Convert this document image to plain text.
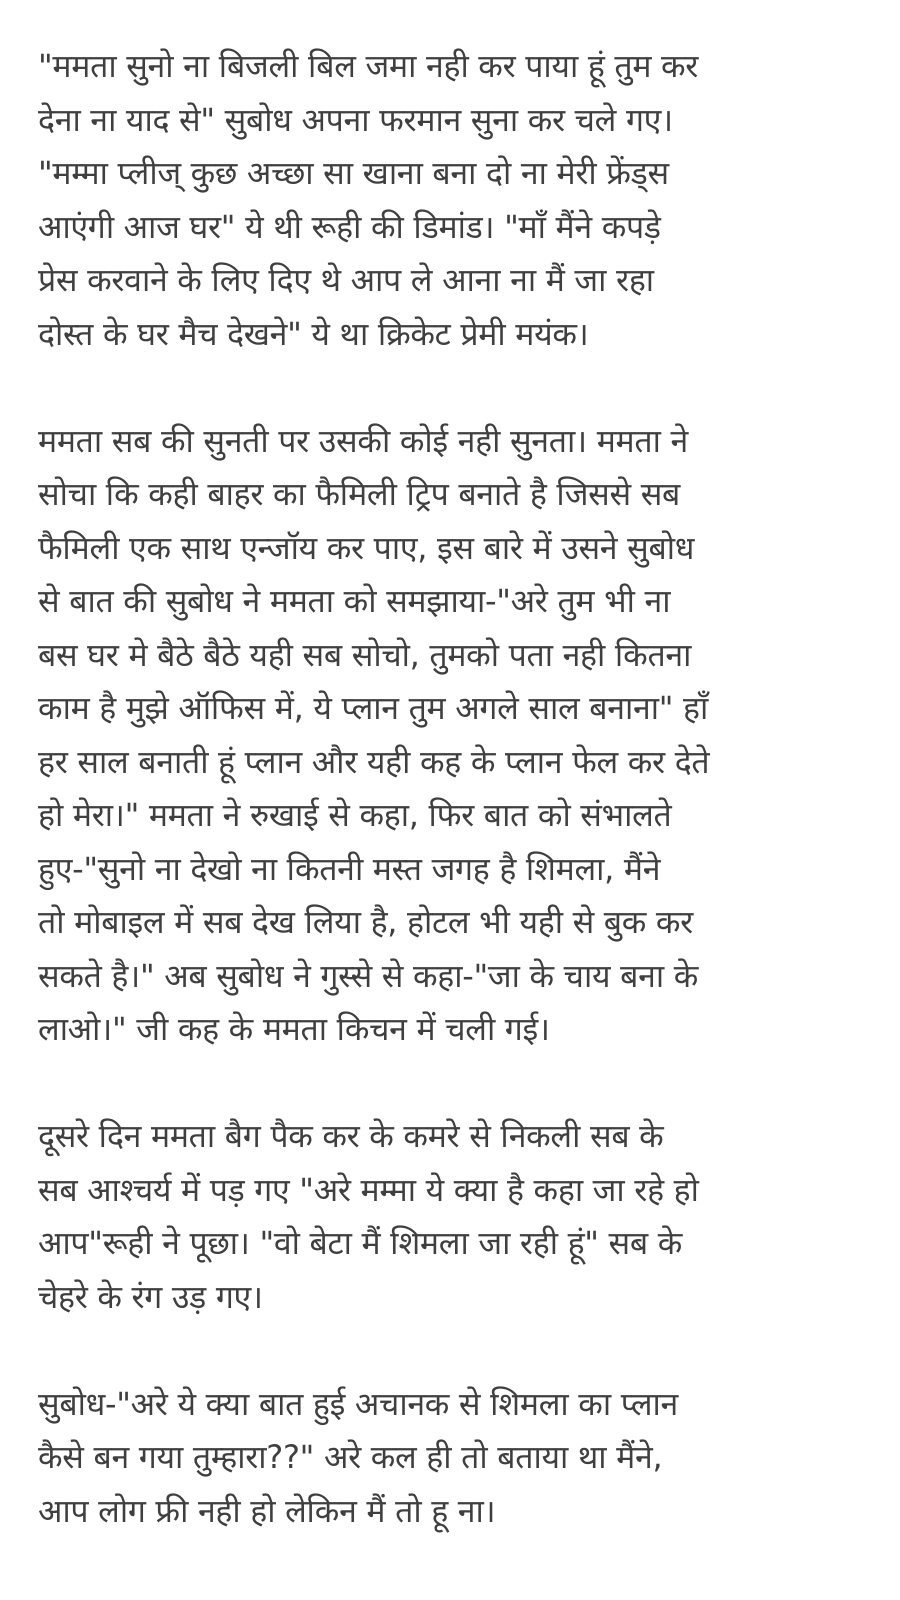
"ममता सुनो ना बिजली बिल जमा नही कर पाया हूं तुम कर
देना ना याद से" सुबोध अपना फरमान सुना कर चले गए।
"मम्मा प्लीज् कुछ अच्छा सा खाना बना दो ना मेरी फ्रेंड्स
आएंगी आज घर" ये थी रूही की डिमांड। "माँ मैंने कपड़े
प्रेस करवाने के लिए दिए थे आप ले आना ना मैं जा रहा
दोस्त के घर मैच देखने" ये था क्रिकेट प्रेमी मयंक।
ममता सब की सुनती पर उसकी कोई नही सुनता। ममता ने
सोचा कि कही बाहर का फैमिली ट्रिप बनाते है जिससे सब
फैमिली एक साथ एन्जॉय कर पाए, इस बारे में उसने सुबोध
से बात की सुबोध ने ममता को समझाया-"अरे तुम भी ना
बस घर मे बैठे बैठे यही सब सोचो, तुमको पता नही कितना
काम है मुझे ऑफिस में, ये प्लान तुम अगले साल बनाना" हाँ
हर साल बनाती हूं प्लान और यही कह के प्लान फेल कर देते
हो मेरा।" ममता ने रुखाई से कहा, फिर बात को संभालते
हुए-"सुनो ना देखो ना कितनी मस्त जगह है शिमला, मैंने
तो मोबाइल में सब देख लिया है, होटल भी यही से बुक कर
सकते है।" अब सुबोध ने गुस्से से कहा-"जा के चाय बना के
लाओ।" जी कह के ममता किचन में चली गई।
दूसरे दिन ममता बैग पैक कर के कमरे से निकली सब के
सब आश्चर्य में पड़ गए "अरे मम्मा ये क्या है कहा जा रहे हो
आप"रूही ने पूछा। "वो बेटा मैं शिमला जा रही हूं" सब के
चेहरे के रंग उड़ गए।
सुबोध-"अरे ये क्या बात हुई अचानक से शिमला का प्लान
कैसे बन गया तुम्हारा??" अरे कल ही तो बताया था मैंने,
आप लोग फ्री नही हो लेकिन मैं तो हू ना।
